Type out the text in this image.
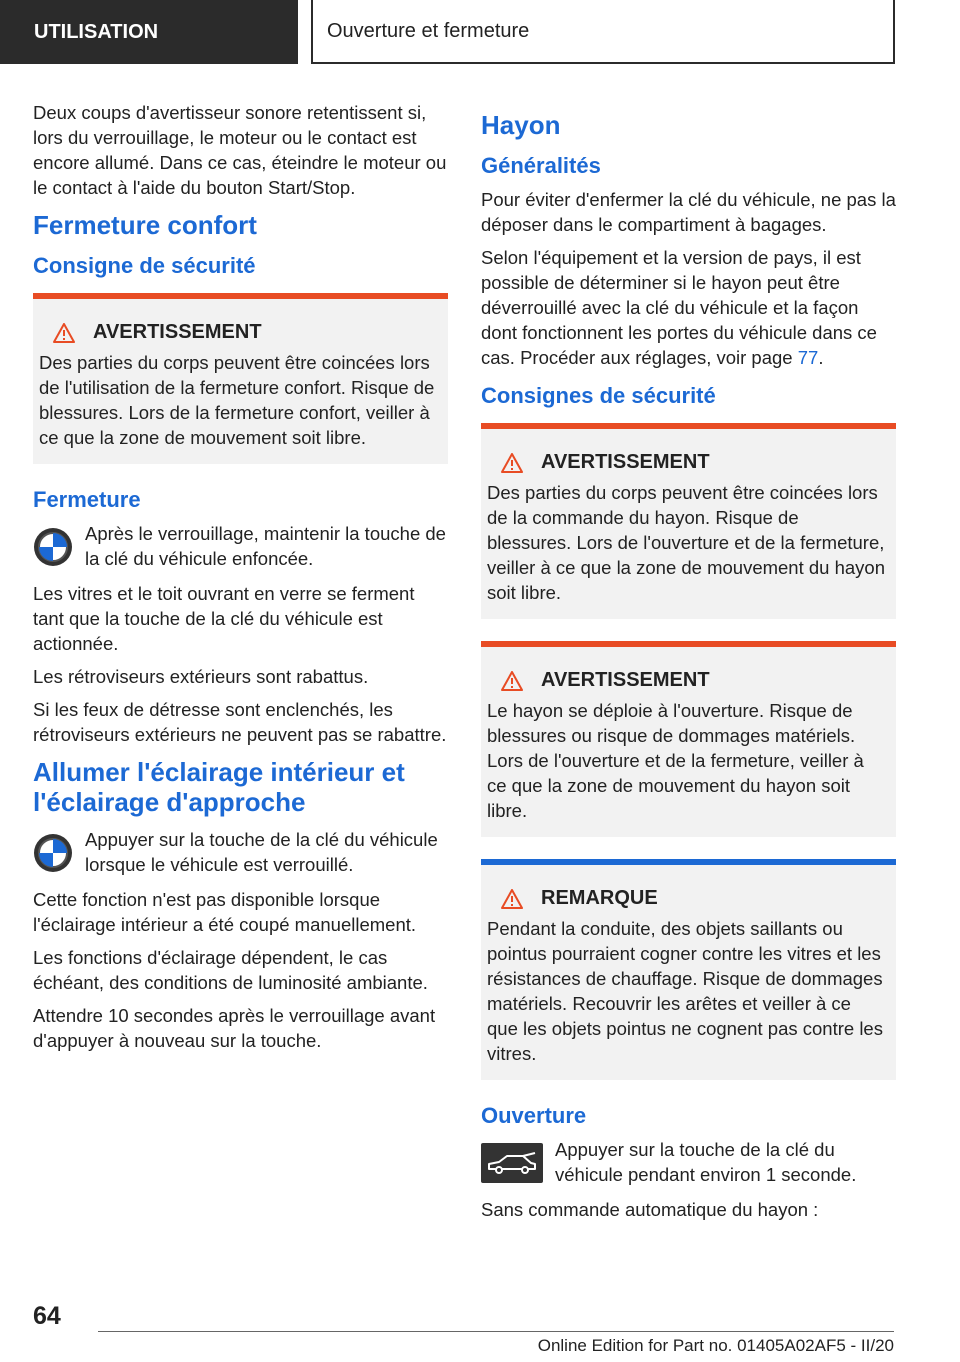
UTILISATION	Ouverture et fermeture

Deux coups d'avertisseur sonore retentissent si, lors du verrouillage, le moteur ou le contact est encore allumé. Dans ce cas, éteindre le moteur ou le contact à l'aide du bouton Start/Stop.

Fermeture confort
Consigne de sécurité
AVERTISSEMENT

Des parties du corps peuvent être coincées lors de l'utilisation de la fermeture confort. Risque de blessures. Lors de la fermeture confort, veiller à ce que la zone de mouvement soit libre.

Fermeture

Après le verrouillage, maintenir la touche de la clé du véhicule enfoncée.

Les vitres et le toit ouvrant en verre se ferment tant que la touche de la clé du véhicule est actionnée.

Les rétroviseurs extérieurs sont rabattus.

Si les feux de détresse sont enclenchés, les rétroviseurs extérieurs ne peuvent pas se rabattre.

Allumer l'éclairage intérieur et l'éclairage d'approche

Appuyer sur la touche de la clé du véhicule lorsque le véhicule est verrouillé.

Cette fonction n'est pas disponible lorsque l'éclairage intérieur a été coupé manuellement.

Les fonctions d'éclairage dépendent, le cas échéant, des conditions de luminosité ambiante.

Attendre 10 secondes après le verrouillage avant d'appuyer à nouveau sur la touche.

Hayon
Généralités

Pour éviter d'enfermer la clé du véhicule, ne pas la déposer dans le compartiment à bagages.

Selon l'équipement et la version de pays, il est possible de déterminer si le hayon peut être déverrouillé avec la clé du véhicule et la façon dont fonctionnent les portes du véhicule dans ce cas. Procéder aux réglages, voir page 77.

Consignes de sécurité
AVERTISSEMENT

Des parties du corps peuvent être coincées lors de la commande du hayon. Risque de blessures. Lors de l'ouverture et de la fermeture, veiller à ce que la zone de mouvement du hayon soit libre.

AVERTISSEMENT

Le hayon se déploie à l'ouverture. Risque de blessures ou risque de dommages matériels. Lors de l'ouverture et de la fermeture, veiller à ce que la zone de mouvement du hayon soit libre.

REMARQUE

Pendant la conduite, des objets saillants ou pointus pourraient cogner contre les vitres et les résistances de chauffage. Risque de dommages matériels. Recouvrir les arêtes et veiller à ce que les objets pointus ne cognent pas contre les vitres.

Ouverture

Appuyer sur la touche de la clé du véhicule pendant environ 1 seconde.

Sans commande automatique du hayon :

64
Online Edition for Part no. 01405A02AF5 - II/20
